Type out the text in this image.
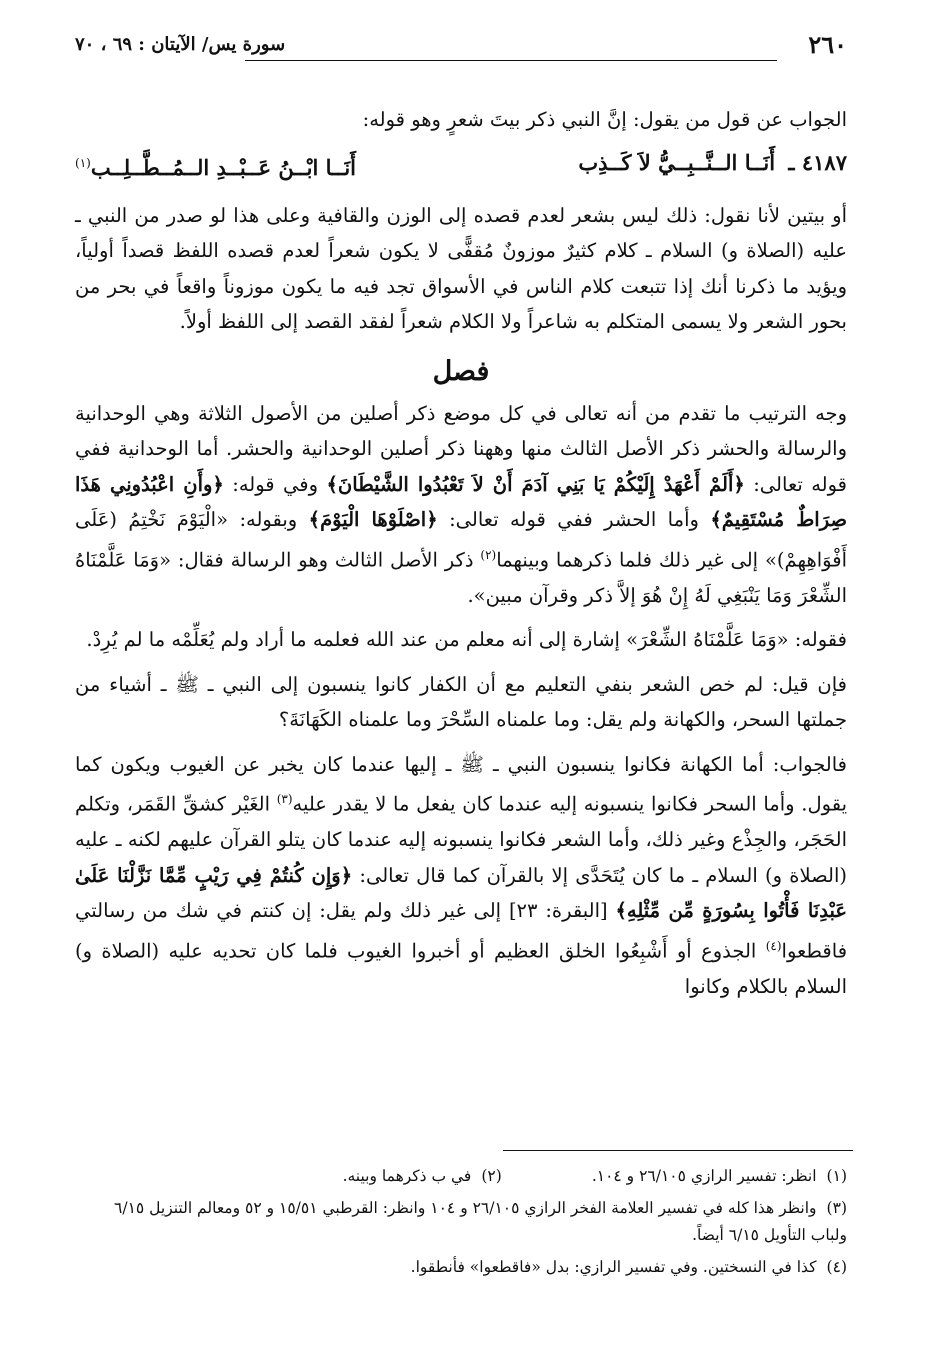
٢٦٠
سورة يس/ الآيتان : ٦٩ ، ٧٠

الجواب عن قول من يقول: إنَّ النبي ذكر بيتَ شعرٍ وهو قوله:

٤١٨٧ ـ أَنَــا الــنَّــبِــيُّ لاَ كَــذِب
أَنَــا ابْــنُ عَــبْــدِ الــمُــطَّــلِــب$^{(١)}$

أو بيتين لأنا نقول: ذلك ليس بشعر لعدم قصده إلى الوزن والقافية وعلى هذا لو صدر من النبي ـ عليه (الصلاة و) السلام ـ كلام كثيرٌ موزونٌ مُقفًّى لا يكون شعراً لعدم قصده اللفظ قصداً أولياً، ويؤيد ما ذكرنا أنك إذا تتبعت كلام الناس في الأسواق تجد فيه ما يكون موزوناً واقعاً في بحر من بحور الشعر ولا يسمى المتكلم به شاعراً ولا الكلام شعراً لفقد القصد إلى اللفظ أولاً.

فصل

وجه الترتيب ما تقدم من أنه تعالى في كل موضع ذكر أصلين من الأصول الثلاثة وهي الوحدانية والرسالة والحشر ذكر الأصل الثالث منها وههنا ذكر أصلين الوحدانية والحشر. أما الوحدانية ففي قوله تعالى: ﴿أَلَمْ أَعْهَدْ إِلَيْكُمْ يَا بَنِي آدَمَ أَنْ لاَ تَعْبُدُوا الشَّيْطَانَ﴾ وفي قوله: ﴿وأَنِ اعْبُدُونِي هَذَا صِرَاطٌ مُسْتَقِيمٌ﴾ وأما الحشر ففي قوله تعالى: ﴿اصْلَوْهَا الْيَوْمَ﴾ وبقوله: «الْيَوْمَ نَخْتِمُ (عَلَى أَفْوَاهِهِمْ)» إلى غير ذلك فلما ذكرهما وبينهما$^{(٢)}$ ذكر الأصل الثالث وهو الرسالة فقال: «وَمَا عَلَّمْنَاهُ الشِّعْرَ وَمَا يَنْبَغِي لَهُ إِنْ هُوَ إلاَّ ذكر وقرآن مبين».

فقوله: «وَمَا عَلَّمْنَاهُ الشِّعْرَ» إشارة إلى أنه معلم من عند الله فعلمه ما أراد ولم يُعَلِّمْه ما لم يُرِدْ.

فإن قيل: لم خص الشعر بنفي التعليم مع أن الكفار كانوا ينسبون إلى النبي ـ ﷺ ـ أشياء من جملتها السحر، والكهانة ولم يقل: وما علمناه السِّحْرَ وما علمناه الكَهَانَةَ؟

فالجواب: أما الكهانة فكانوا ينسبون النبي ـ ﷺ ـ إليها عندما كان يخبر عن الغيوب ويكون كما يقول. وأما السحر فكانوا ينسبونه إليه عندما كان يفعل ما لا يقدر عليه$^{(٣)}$ الغَيْر كشقِّ القَمَر، وتكلم الحَجَر، والجِذْع وغير ذلك، وأما الشعر فكانوا ينسبونه إليه عندما كان يتلو القرآن عليهم لكنه ـ عليه (الصلاة و) السلام ـ ما كان يُتَحَدَّى إلا بالقرآن كما قال تعالى: ﴿وَإِن كُنتُمْ فِي رَيْبٍ مِّمَّا نَزَّلْنَا عَلَىٰ عَبْدِنَا فَأْتُوا بِسُورَةٍ مِّن مِّثْلِهِ﴾ [البقرة: ٢٣] إلى غير ذلك ولم يقل: إن كنتم في شك من رسالتي فاقطعوا$^{(٤)}$ الجذوع أو أَشْبِعُوا الخلق العظيم أو أخبروا الغيوب فلما كان تحديه عليه (الصلاة و) السلام بالكلام وكانوا

(١)انظر: تفسير الرازي ٢٦/١٠٥ و ١٠٤.
(٢)في ب ذكرهما وبينه.
(٣)وانظر هذا كله في تفسير العلامة الفخر الرازي ٢٦/١٠٥ و ١٠٤ وانظر: القرطبي ١٥/٥١ و ٥٢ ومعالم التنزيل ٦/١٥ ولباب التأويل ٦/١٥ أيضاً.
(٤)كذا في النسختين. وفي تفسير الرازي: بدل «فاقطعوا» فأنطقوا.
